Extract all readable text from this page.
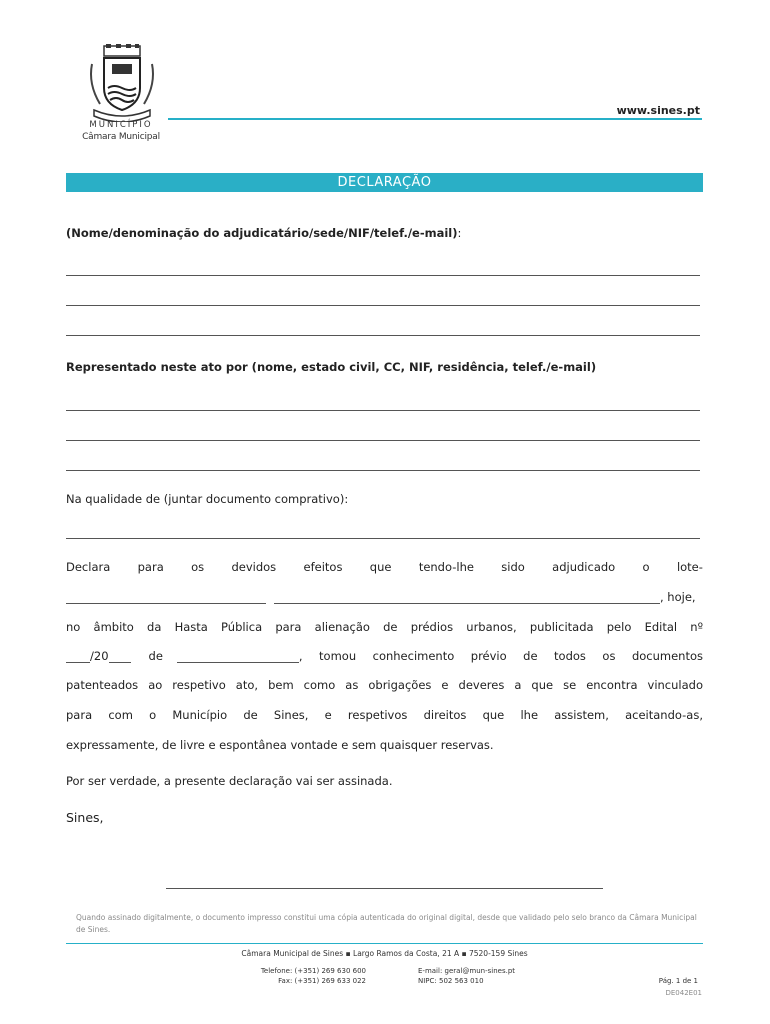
MUNICÍPIO
Câmara Municipal
www.sines.pt
DECLARAÇÃO
(Nome/denominação do adjudicatário/sede/NIF/telef./e-mail):
Representado neste ato por (nome, estado civil, CC, NIF, residência, telef./e-mail)
Na qualidade de (juntar documento comprativo):
Declara para os devidos efeitos que tendo-lhe sido adjudicado o lote-
, hoje,
no âmbito da Hasta Pública para alienação de prédios urbanos, publicitada pelo Edital nº
/20	de	, tomou conhecimento prévio de todos os documentos
patenteados ao respetivo ato, bem como as obrigações e deveres a que se encontra vinculado
para com o Município de Sines, e respetivos direitos que lhe assistem, aceitando-as,
expressamente, de livre e espontânea vontade e sem quaisquer reservas.
Por ser verdade, a presente declaração vai ser assinada.
Sines,
Quando assinado digitalmente, o documento impresso constitui uma cópia autenticada do original digital, desde que validado pelo selo branco da Câmara Municipal de Sines.
Câmara Municipal de Sines ▪ Largo Ramos da Costa, 21 A ▪ 7520-159 Sines
Telefone: (+351) 269 630 600
Fax: (+351) 269 633 022
E-mail: geral@mun-sines.pt
NIPC: 502 563 010	Pág. 1 de 1
DE042E01
